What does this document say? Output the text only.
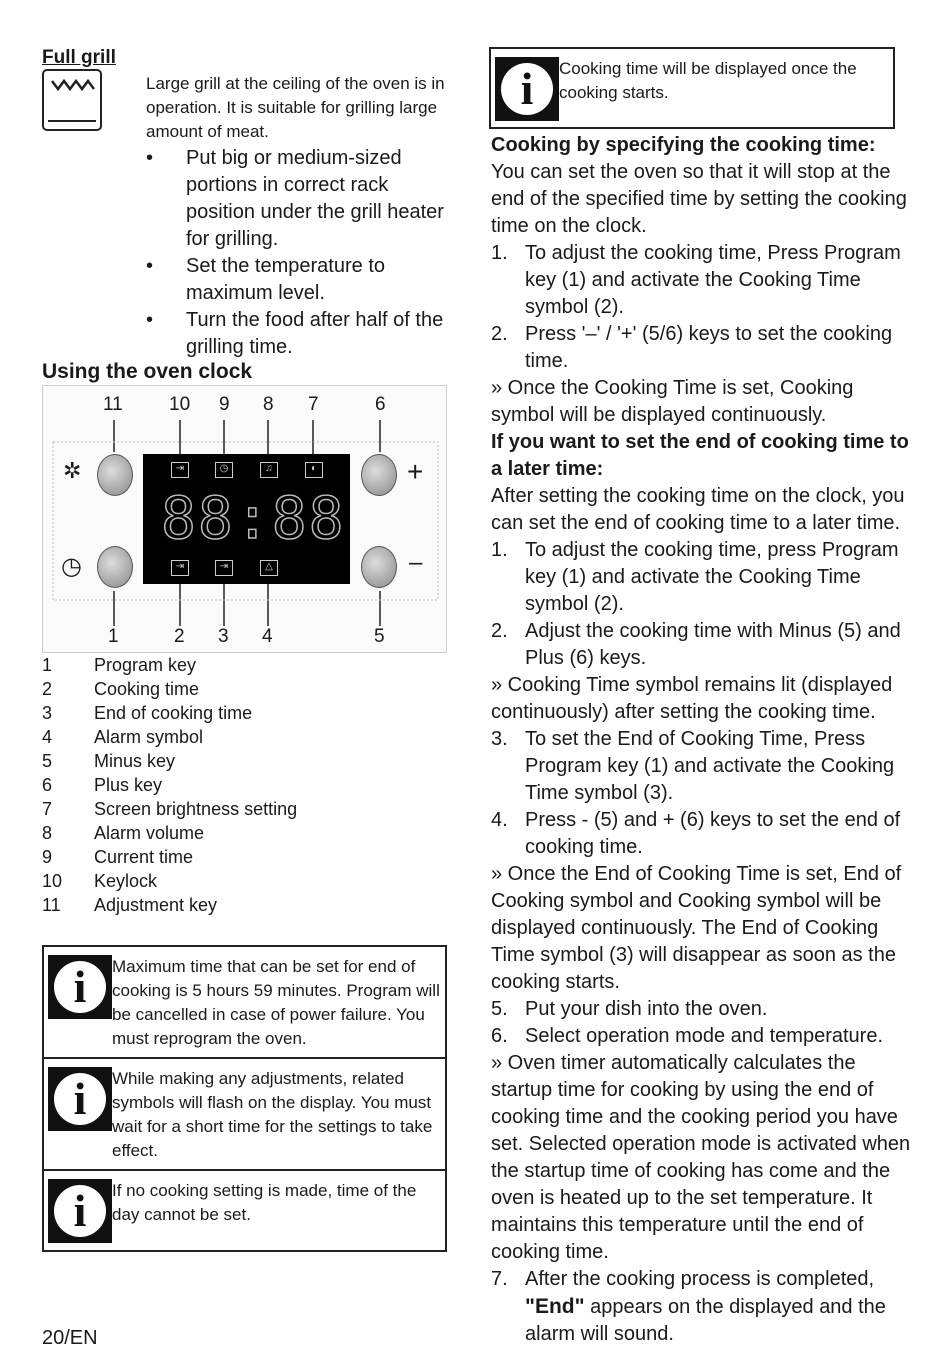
Full grill
Large grill at the ceiling of the oven is in operation. It is suitable for grilling large amount of meat.
• Put big or medium-sized portions in correct rack position under the grill heater for grilling.
• Set the temperature to maximum level.
• Turn the food after half of the grilling time.
Using the oven clock
11 10 9 8 7	6
✲
◷
+
–
⇥	◷	♫	◐
88:88
⇥	⇥	△
1	2 3 4	5
1	Program key
2	Cooking time
3	End of cooking time
4	Alarm symbol
5	Minus key
6	Plus key
7	Screen brightness setting
8	Alarm volume
9	Current time
10	Keylock
11	Adjustment key
i	Maximum time that can be set for end of cooking is 5 hours 59 minutes. Program will be cancelled in case of power failure. You must reprogram the oven.
i	While making any adjustments, related symbols will flash on the display. You must wait for a short time for the settings to take effect.
i	If no cooking setting is made, time of the day cannot be set.
20/EN
i	Cooking time will be displayed once the cooking starts.
Cooking by specifying the cooking time:
You can set the oven so that it will stop at the end of the specified time by setting the cooking time on the clock.
1. To adjust the cooking time, Press Program key (1) and activate the Cooking Time symbol (2).
2. Press '–' / '+' (5/6) keys to set the cooking time.
» Once the Cooking Time is set, Cooking symbol will be displayed continuously.
If you want to set the end of cooking time to a later time:
After setting the cooking time on the clock, you can set the end of cooking time to a later time.
1. To adjust the cooking time, press Program key (1) and activate the Cooking Time symbol (2).
2. Adjust the cooking time with Minus (5) and Plus (6) keys.
» Cooking Time symbol remains lit (displayed continuously) after setting the cooking time.
3. To set the End of Cooking Time, Press Program key (1) and activate the Cooking Time symbol (3).
4. Press - (5) and + (6) keys to set the end of cooking time.
» Once the End of Cooking Time is set, End of Cooking symbol and Cooking symbol will be displayed continuously. The End of Cooking Time symbol (3) will disappear as soon as the cooking starts.
5. Put your dish into the oven.
6. Select operation mode and temperature.
» Oven timer automatically calculates the startup time for cooking by using the end of cooking time and the cooking period you have set. Selected operation mode is activated when the startup time of cooking has come and the oven is heated up to the set temperature. It maintains this temperature until the end of cooking time.
7. After the cooking process is completed, "End" appears on the displayed and the alarm will sound.
